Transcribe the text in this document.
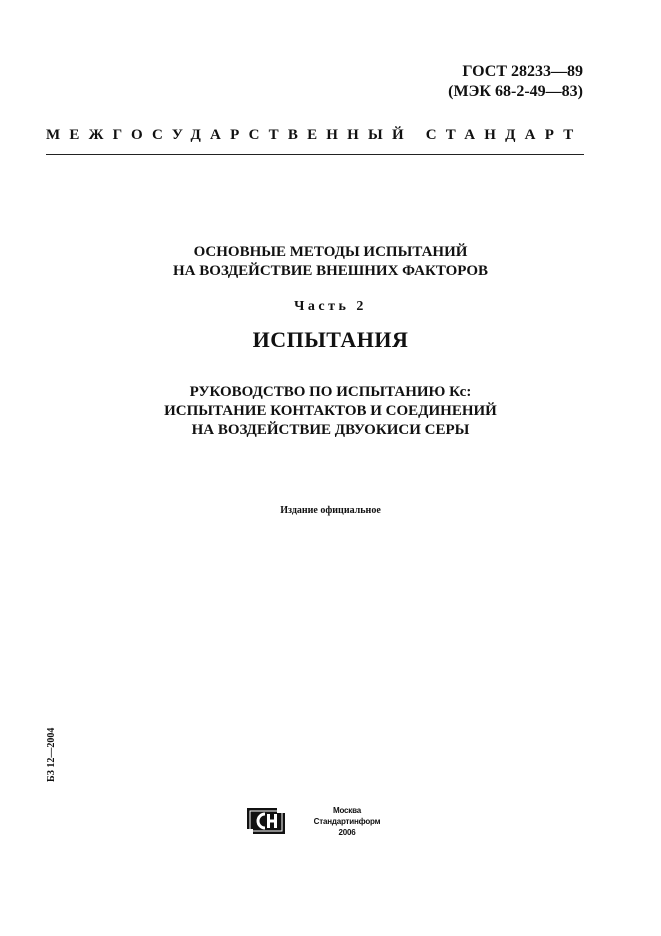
ГОСТ 28233—89
(МЭК 68-2-49—83)
МЕЖГОСУДАРСТВЕННЫЙ СТАНДАРТ
ОСНОВНЫЕ МЕТОДЫ ИСПЫТАНИЙ
НА ВОЗДЕЙСТВИЕ ВНЕШНИХ ФАКТОРОВ
Часть 2
ИСПЫТАНИЯ
РУКОВОДСТВО ПО ИСПЫТАНИЮ Кс:
ИСПЫТАНИЕ КОНТАКТОВ И СОЕДИНЕНИЙ
НА ВОЗДЕЙСТВИЕ ДВУОКИСИ СЕРЫ
Издание официальное
БЗ 12—2004
Москва
Стандартинформ
2006
